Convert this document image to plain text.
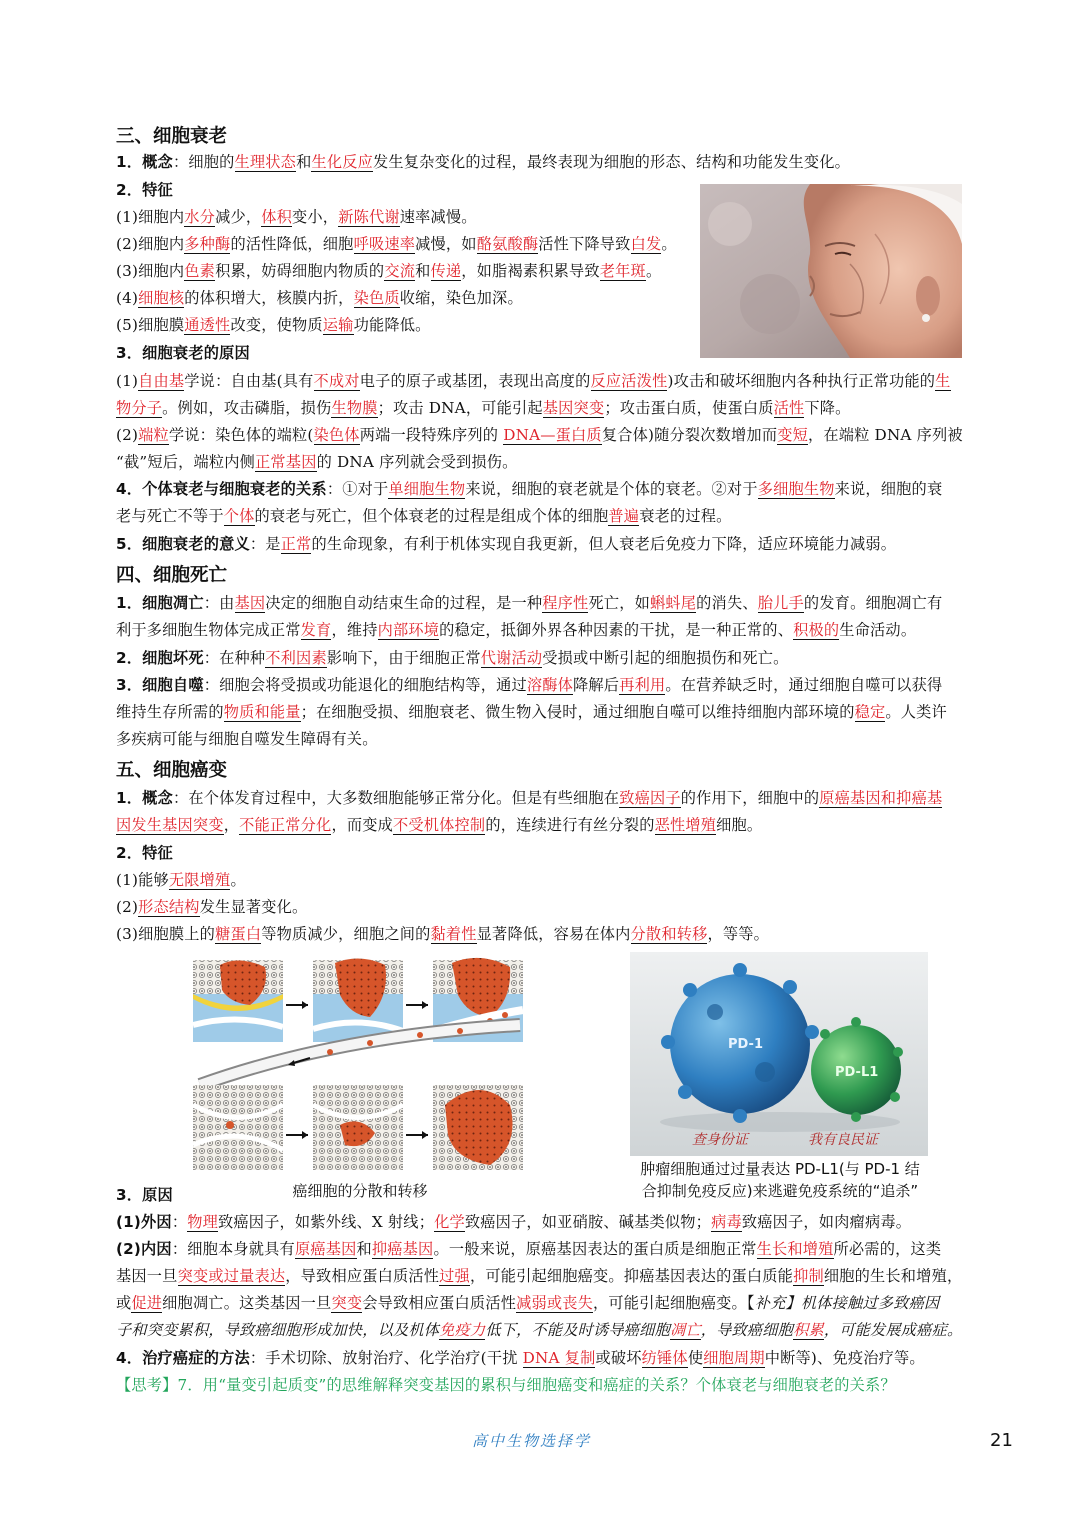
三、细胞衰老
1．概念：细胞的生理状态和生化反应发生复杂变化的过程，最终表现为细胞的形态、结构和功能发生变化。
2．特征
(1)细胞内水分减少，体积变小，新陈代谢速率减慢。
(2)细胞内多种酶的活性降低，细胞呼吸速率减慢，如酪氨酸酶活性下降导致白发。
(3)细胞内色素积累，妨碍细胞内物质的交流和传递，如脂褐素积累导致老年斑。
(4)细胞核的体积增大，核膜内折，染色质收缩，染色加深。
(5)细胞膜通透性改变，使物质运输功能降低。
3．细胞衰老的原因
(1)自由基学说：自由基(具有不成对电子的原子或基团，表现出高度的反应活泼性)攻击和破坏细胞内各种执行正常功能的生
物分子。例如，攻击磷脂，损伤生物膜；攻击 DNA，可能引起基因突变；攻击蛋白质，使蛋白质活性下降。
(2)端粒学说：染色体的端粒(染色体两端一段特殊序列的 DNA—蛋白质复合体)随分裂次数增加而变短，在端粒 DNA 序列被
“截”短后，端粒内侧正常基因的 DNA 序列就会受到损伤。
4．个体衰老与细胞衰老的关系：①对于单细胞生物来说，细胞的衰老就是个体的衰老。②对于多细胞生物来说，细胞的衰
老与死亡不等于个体的衰老与死亡，但个体衰老的过程是组成个体的细胞普遍衰老的过程。
5．细胞衰老的意义：是正常的生命现象，有利于机体实现自我更新，但人衰老后免疫力下降，适应环境能力减弱。
四、细胞死亡
1．细胞凋亡：由基因决定的细胞自动结束生命的过程，是一种程序性死亡，如蝌蚪尾的消失、胎儿手的发育。细胞凋亡有
利于多细胞生物体完成正常发育，维持内部环境的稳定，抵御外界各种因素的干扰，是一种正常的、积极的生命活动。
2．细胞坏死：在种种不利因素影响下，由于细胞正常代谢活动受损或中断引起的细胞损伤和死亡。
3．细胞自噬：细胞会将受损或功能退化的细胞结构等，通过溶酶体降解后再利用。在营养缺乏时，通过细胞自噬可以获得
维持生存所需的物质和能量；在细胞受损、细胞衰老、微生物入侵时，通过细胞自噬可以维持细胞内部环境的稳定。人类许
多疾病可能与细胞自噬发生障碍有关。
五、细胞癌变
1．概念：在个体发育过程中，大多数细胞能够正常分化。但是有些细胞在致癌因子的作用下，细胞中的原癌基因和抑癌基
因发生基因突变，不能正常分化，而变成不受机体控制的，连续进行有丝分裂的恶性增殖细胞。
2．特征
(1)能够无限增殖。
(2)形态结构发生显著变化。
(3)细胞膜上的糖蛋白等物质减少，细胞之间的黏着性显著降低，容易在体内分散和转移，等等。
癌细胞的分散和转移
PD-1
PD-L1
查身份证	我有良民证
肿瘤细胞通过过量表达 PD-L1(与 PD-1 结
合抑制免疫反应)来逃避免疫系统的“追杀”
3．原因
(1)外因：物理致癌因子，如紫外线、X 射线；化学致癌因子，如亚硝胺、碱基类似物；病毒致癌因子，如肉瘤病毒。
(2)内因：细胞本身就具有原癌基因和抑癌基因。一般来说，原癌基因表达的蛋白质是细胞正常生长和增殖所必需的，这类
基因一旦突变或过量表达，导致相应蛋白质活性过强，可能引起细胞癌变。抑癌基因表达的蛋白质能抑制细胞的生长和增殖，
或促进细胞凋亡。这类基因一旦突变会导致相应蛋白质活性减弱或丧失，可能引起细胞癌变。【补充】机体接触过多致癌因
子和突变累积，导致癌细胞形成加快，以及机体免疫力低下，不能及时诱导癌细胞凋亡，导致癌细胞积累，可能发展成癌症。
4．治疗癌症的方法：手术切除、放射治疗、化学治疗(干扰 DNA 复制或破坏纺锤体使细胞周期中断等)、免疫治疗等。
【思考】7．用“量变引起质变”的思维解释突变基因的累积与细胞癌变和癌症的关系？个体衰老与细胞衰老的关系？
高中生物选择学	21
